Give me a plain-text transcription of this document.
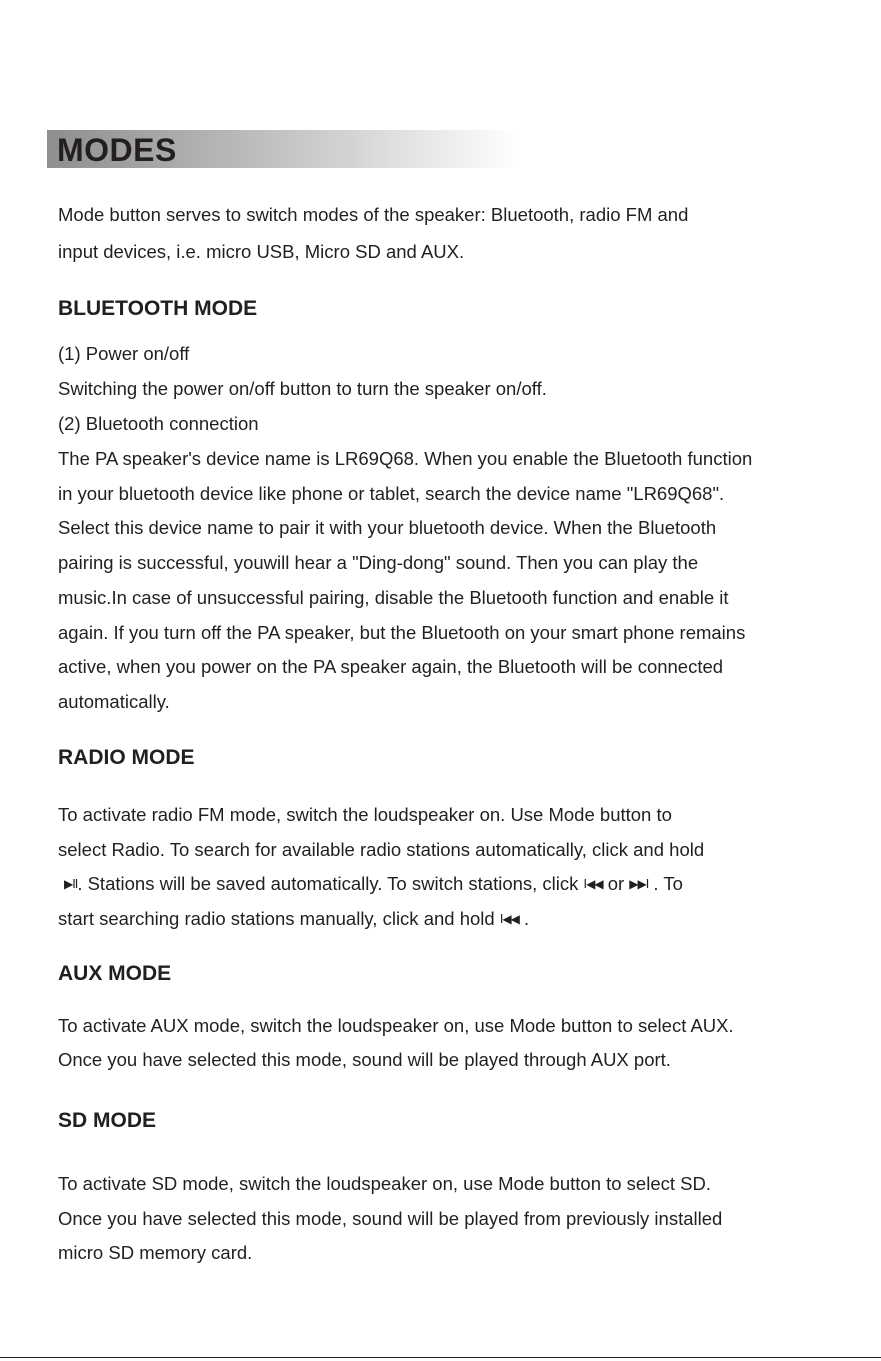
MODES
Mode button serves to switch modes of the speaker: Bluetooth, radio FM and
input devices, i.e. micro USB, Micro SD and AUX.
BLUETOOTH MODE
(1) Power on/off
Switching the power on/off button to turn the speaker on/off.
(2) Bluetooth connection
The PA speaker's device name is LR69Q68. When you enable the Bluetooth function
in your bluetooth device like phone or tablet, search the device name "LR69Q68".
Select this device name to pair it with your bluetooth device. When the Bluetooth
pairing is successful, youwill hear a "Ding-dong" sound. Then you can play the
music.In case of unsuccessful pairing, disable the Bluetooth function and enable it
again. If you turn off the PA speaker, but the Bluetooth on your smart phone remains
active, when you power on the PA speaker again, the Bluetooth will be connected
automatically.
RADIO MODE
To activate radio FM mode, switch the loudspeaker on. Use Mode button to
select Radio. To search for available radio stations automatically, click and hold
▶II. Stations will be saved automatically. To switch stations, click I◀◀ or ▶▶I . To
start searching radio stations manually, click and hold I◀◀ .
AUX MODE
To activate AUX mode, switch the loudspeaker on, use Mode button to select AUX.
Once you have selected this mode, sound will be played through AUX port.
SD MODE
To activate SD mode, switch the loudspeaker on, use Mode button to select SD.
Once you have selected this mode, sound will be played from previously installed
micro SD memory card.
